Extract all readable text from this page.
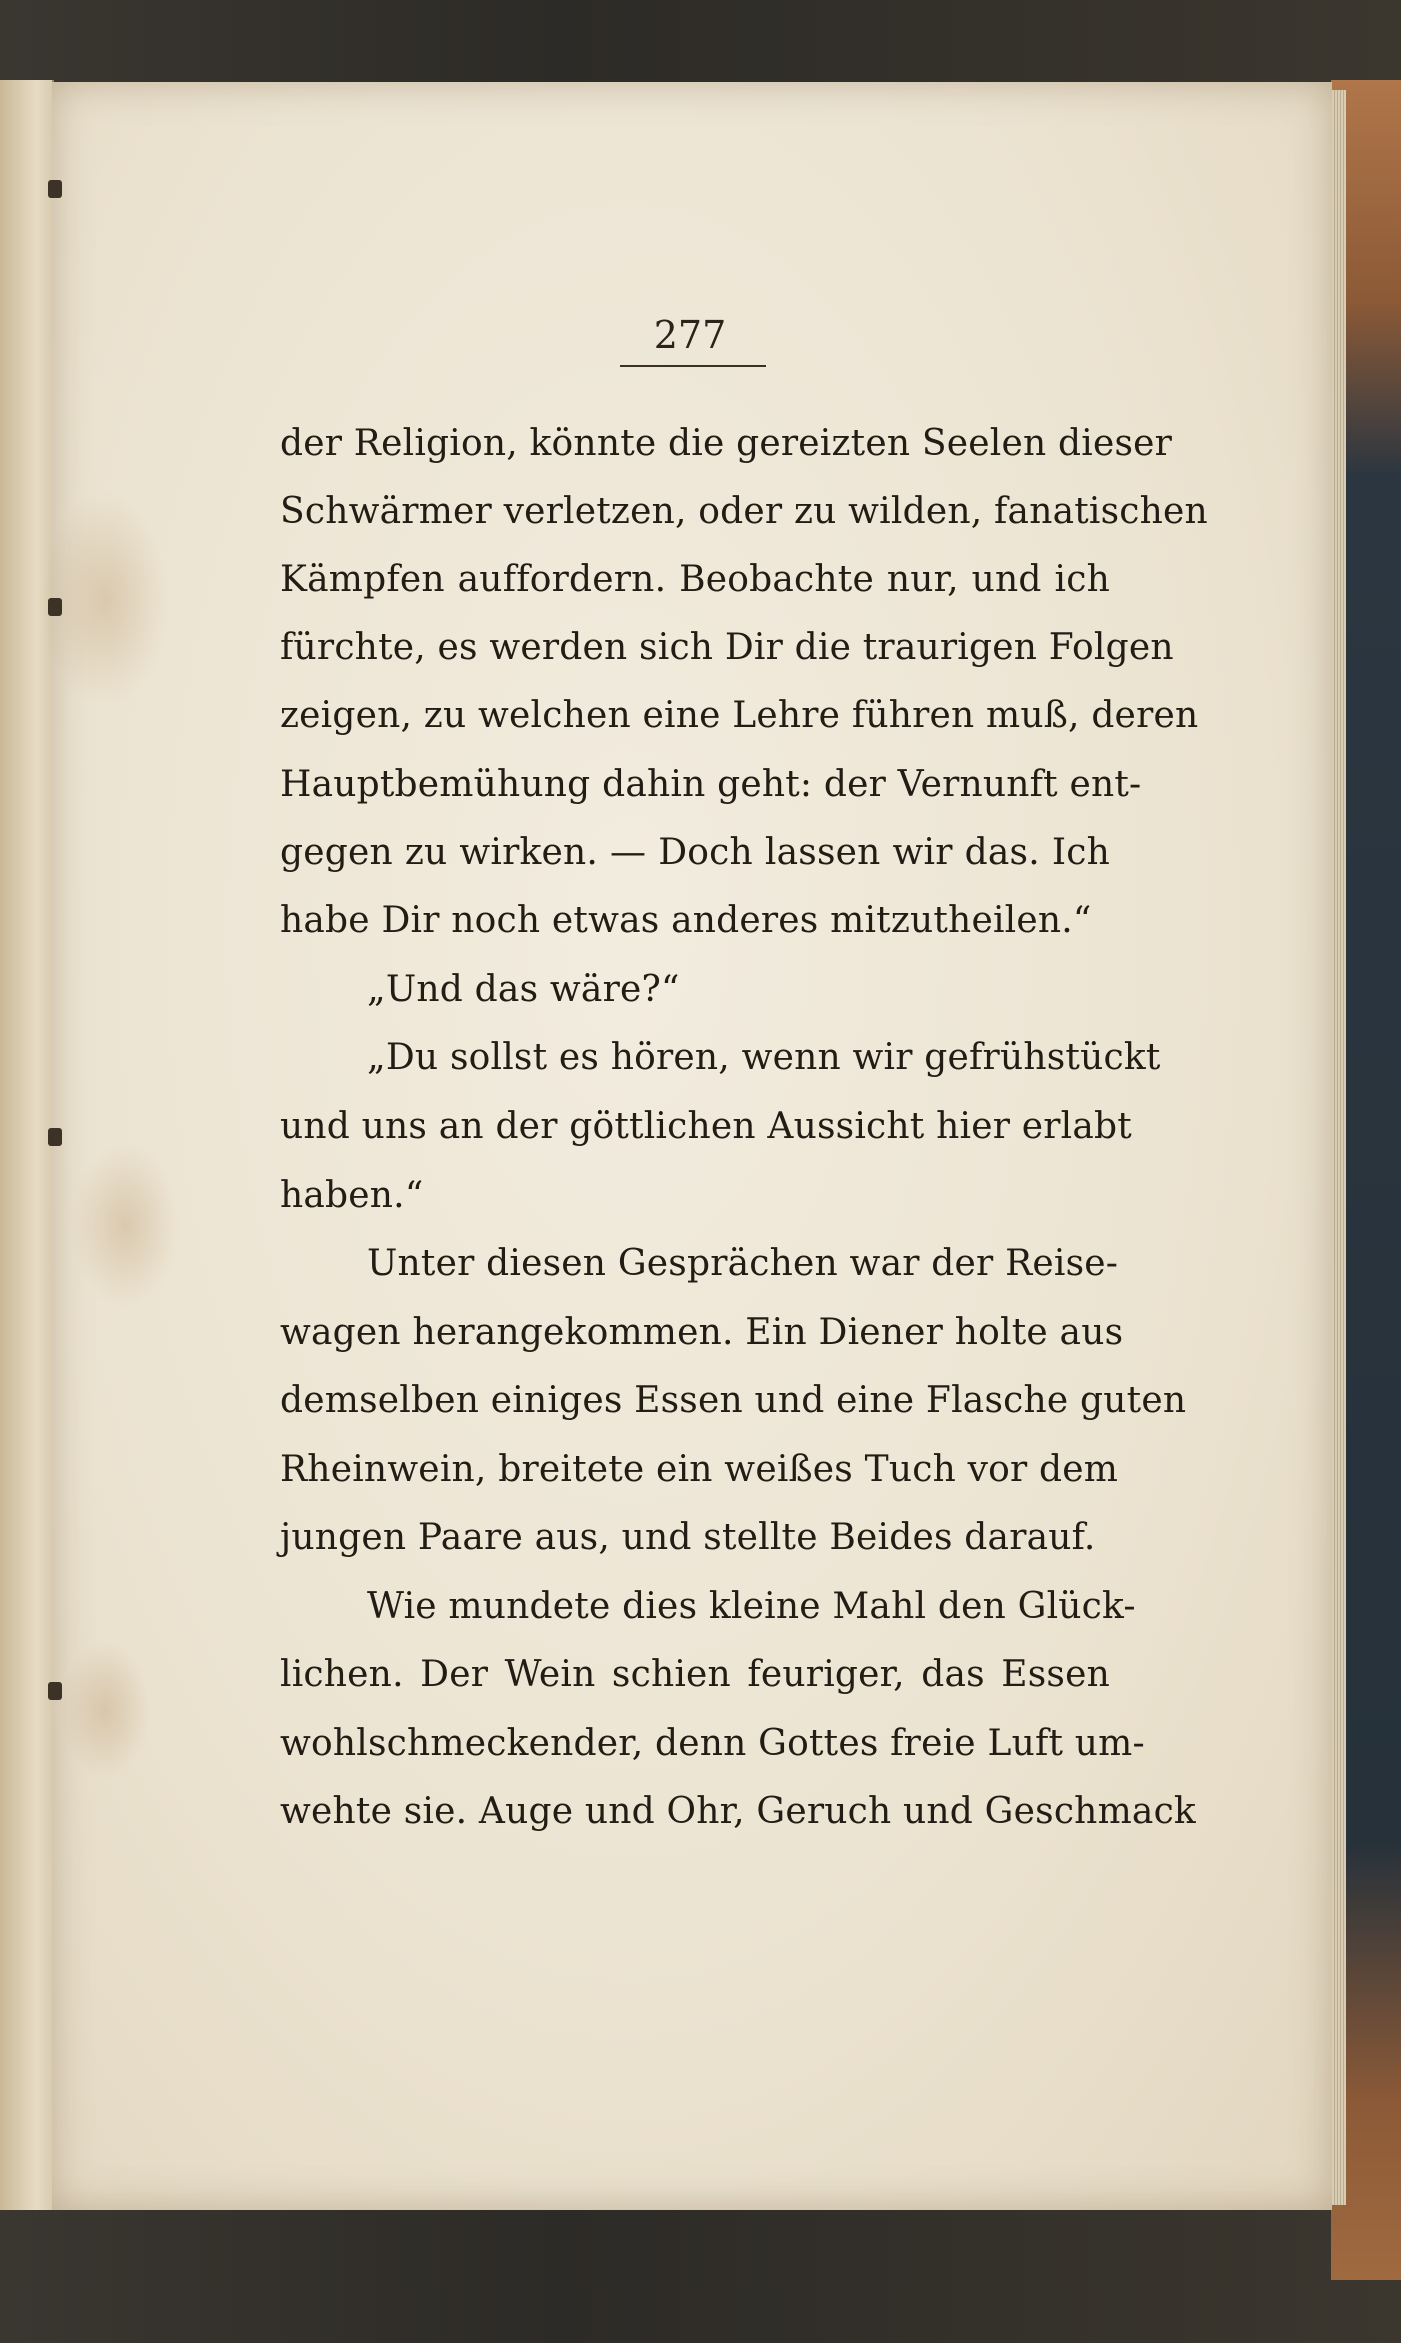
277
der Religion, könnte die gereizten Seelen dieser
Schwärmer verletzen, oder zu wilden, fanatischen
Kämpfen auffordern. Beobachte nur, und ich
fürchte, es werden sich Dir die traurigen Folgen
zeigen, zu welchen eine Lehre führen muß, deren
Hauptbemühung dahin geht: der Vernunft ent-
gegen zu wirken. — Doch lassen wir das. Ich
habe Dir noch etwas anderes mitzutheilen.“
„Und das wäre?“
„Du sollst es hören, wenn wir gefrühstückt
und uns an der göttlichen Aussicht hier erlabt
haben.“
Unter diesen Gesprächen war der Reise-
wagen herangekommen. Ein Diener holte aus
demselben einiges Essen und eine Flasche guten
Rheinwein, breitete ein weißes Tuch vor dem
jungen Paare aus, und stellte Beides darauf.
Wie mundete dies kleine Mahl den Glück-
lichen. Der Wein schien feuriger, das Essen
wohlschmeckender, denn Gottes freie Luft um-
wehte sie. Auge und Ohr, Geruch und Geschmack
